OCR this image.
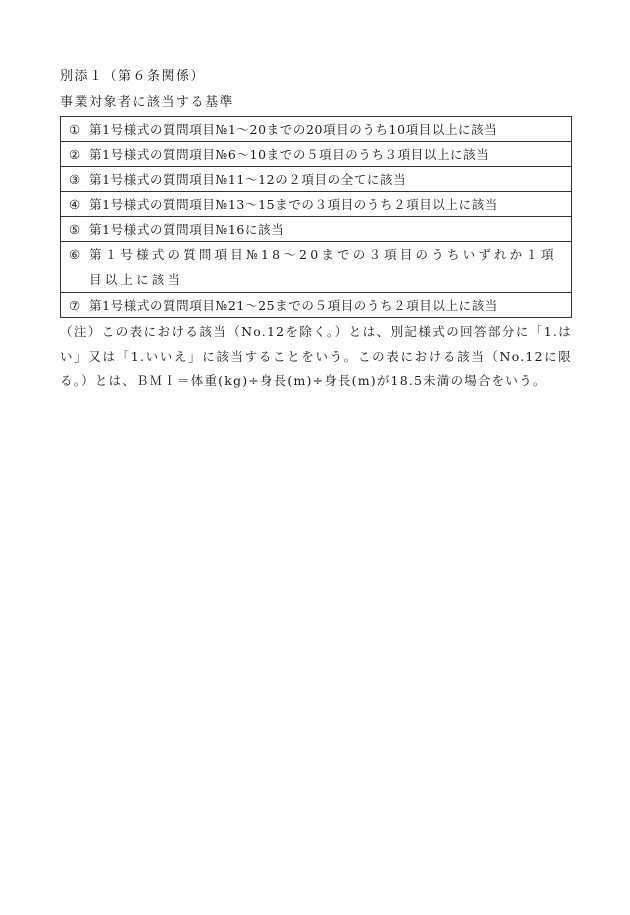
別添１（第６条関係）
事業対象者に該当する基準
① 第1号様式の質問項目№1～20までの20項目のうち10項目以上に該当
② 第1号様式の質問項目№6～10までの５項目のうち３項目以上に該当
③ 第1号様式の質問項目№11～12の２項目の全てに該当
④ 第1号様式の質問項目№13～15までの３項目のうち２項目以上に該当
⑤ 第1号様式の質問項目№16に該当

⑥ 第１号様式の質問項目№18～20までの３項目のうちいずれか１項目以上に該当

⑦ 第1号様式の質問項目№21～25までの５項目のうち２項目以上に該当

（注）この表における該当（No.12を除く。）とは、別記様式の回答部分に「1.はい」又は「1.いいえ」に該当することをいう。この表における該当（No.12に限る。）とは、ＢＭＩ＝体重(kg)÷身長(m)÷身長(m)が18.5未満の場合をいう。
